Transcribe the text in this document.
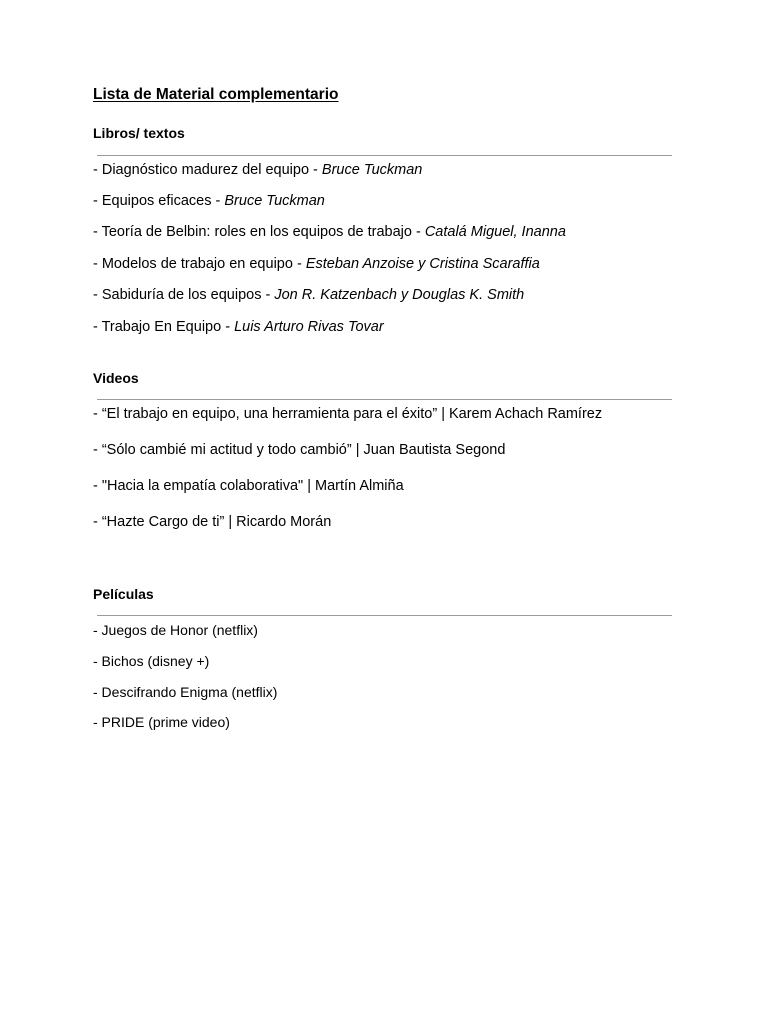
Lista de Material complementario
Libros/ textos

- Diagnóstico madurez del equipo - Bruce Tuckman

- Equipos eficaces - Bruce Tuckman

- Teoría de Belbin: roles en los equipos de trabajo - Catalá Miguel, Inanna

- Modelos de trabajo en equipo - Esteban Anzoise y Cristina Scaraffia

- Sabiduría de los equipos - Jon R. Katzenbach y Douglas K. Smith

- Trabajo En Equipo - Luis Arturo Rivas Tovar

Videos

- “El trabajo en equipo, una herramienta para el éxito” | Karem Achach Ramírez

- “Sólo cambié mi actitud y todo cambió” | Juan Bautista Segond

- "Hacia la empatía colaborativa" | Martín Almiña

- “Hazte Cargo de ti” | Ricardo Morán

Películas

- Juegos de Honor (netflix)

- Bichos (disney +)

- Descifrando Enigma (netflix)

- PRIDE (prime video)
